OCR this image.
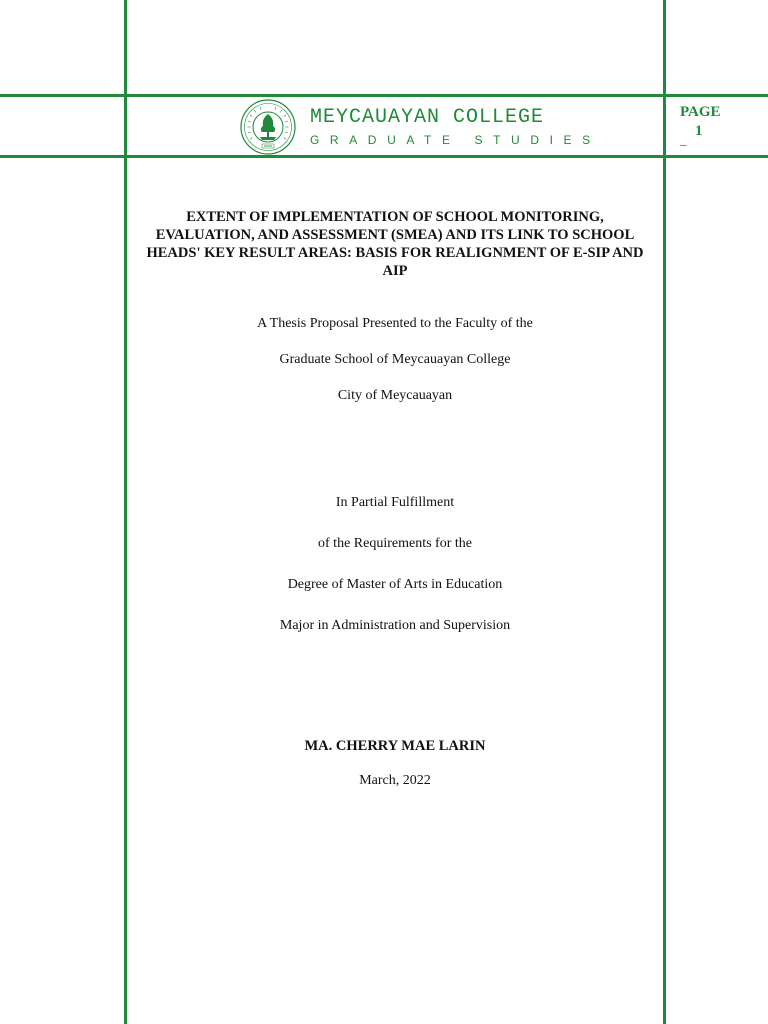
MEYCAUAYAN COLLEGE
GRADUATE STUDIES
PAGE
1
_
EXTENT OF IMPLEMENTATION OF SCHOOL MONITORING, EVALUATION, AND ASSESSMENT (SMEA) AND ITS LINK TO SCHOOL HEADS' KEY RESULT AREAS: BASIS FOR REALIGNMENT OF E-SIP AND AIP
A Thesis Proposal Presented to the Faculty of the
Graduate School of Meycauayan College
City of Meycauayan
In Partial Fulfillment
of the Requirements for the
Degree of Master of Arts in Education
Major in Administration and Supervision
MA. CHERRY MAE LARIN
March, 2022
